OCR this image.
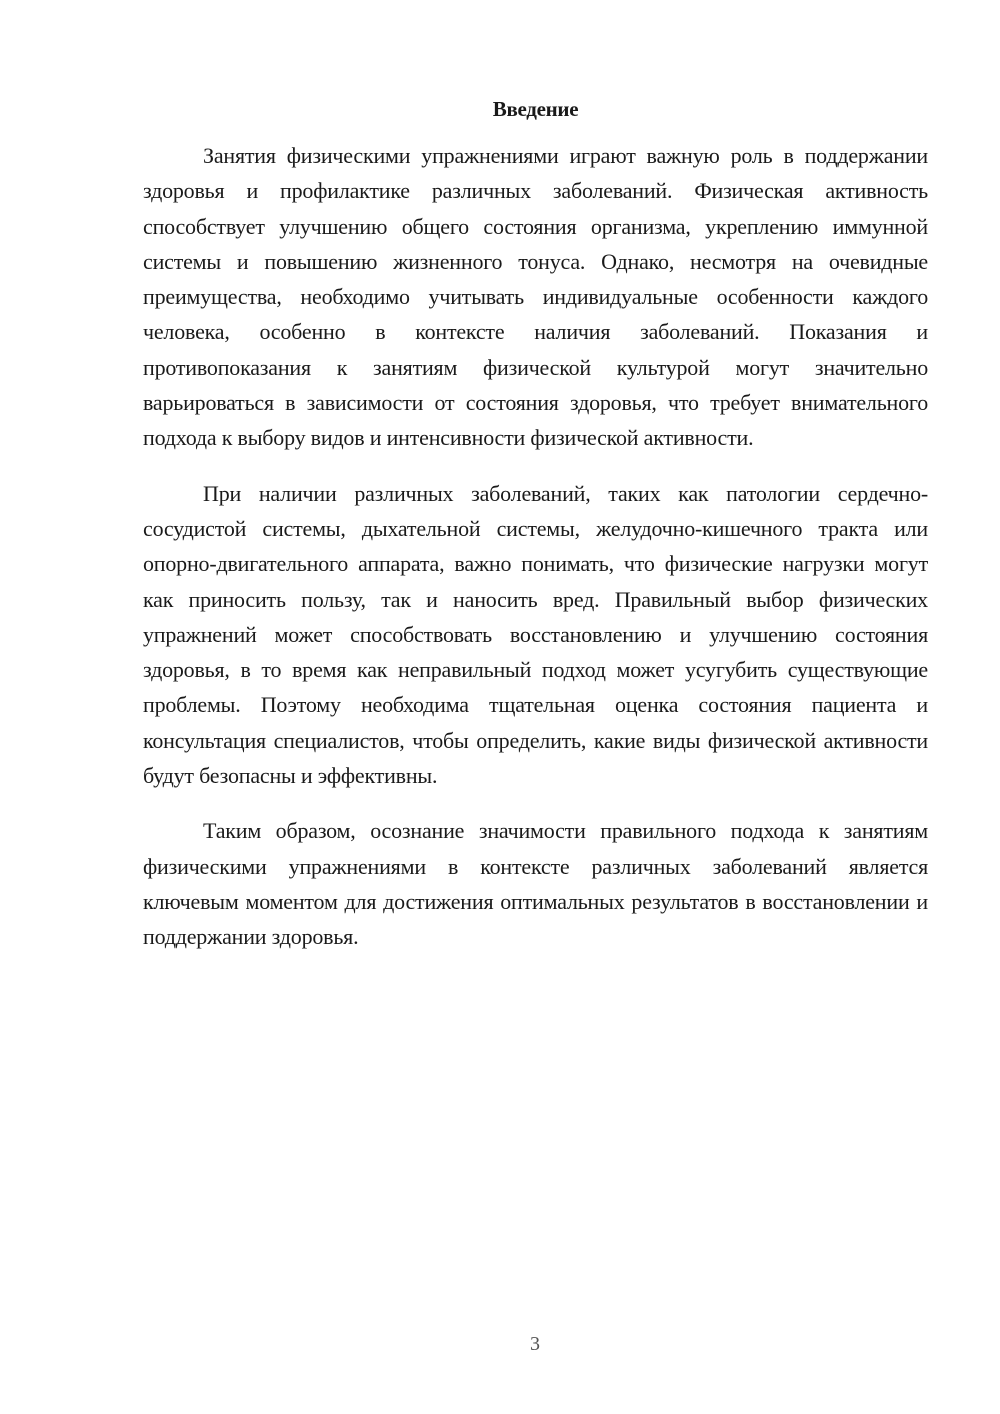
Введение

Занятия физическими упражнениями играют важную роль в поддержании здоровья и профилактике различных заболеваний. Физическая активность способствует улучшению общего состояния организма, укреплению иммунной системы и повышению жизненного тонуса. Однако, несмотря на очевидные преимущества, необходимо учитывать индивидуальные особенности каждого человека, особенно в контексте наличия заболеваний. Показания и противопоказания к занятиям физической культурой могут значительно варьироваться в зависимости от состояния здоровья, что требует внимательного подхода к выбору видов и интенсивности физической активности.

При наличии различных заболеваний, таких как патологии сердечно-сосудистой системы, дыхательной системы, желудочно-кишечного тракта или опорно-двигательного аппарата, важно понимать, что физические нагрузки могут как приносить пользу, так и наносить вред. Правильный выбор физических упражнений может способствовать восстановлению и улучшению состояния здоровья, в то время как неправильный подход может усугубить существующие проблемы. Поэтому необходима тщательная оценка состояния пациента и консультация специалистов, чтобы определить, какие виды физической активности будут безопасны и эффективны.

Таким образом, осознание значимости правильного подхода к занятиям физическими упражнениями в контексте различных заболеваний является ключевым моментом для достижения оптимальных результатов в восстановлении и поддержании здоровья.

3
